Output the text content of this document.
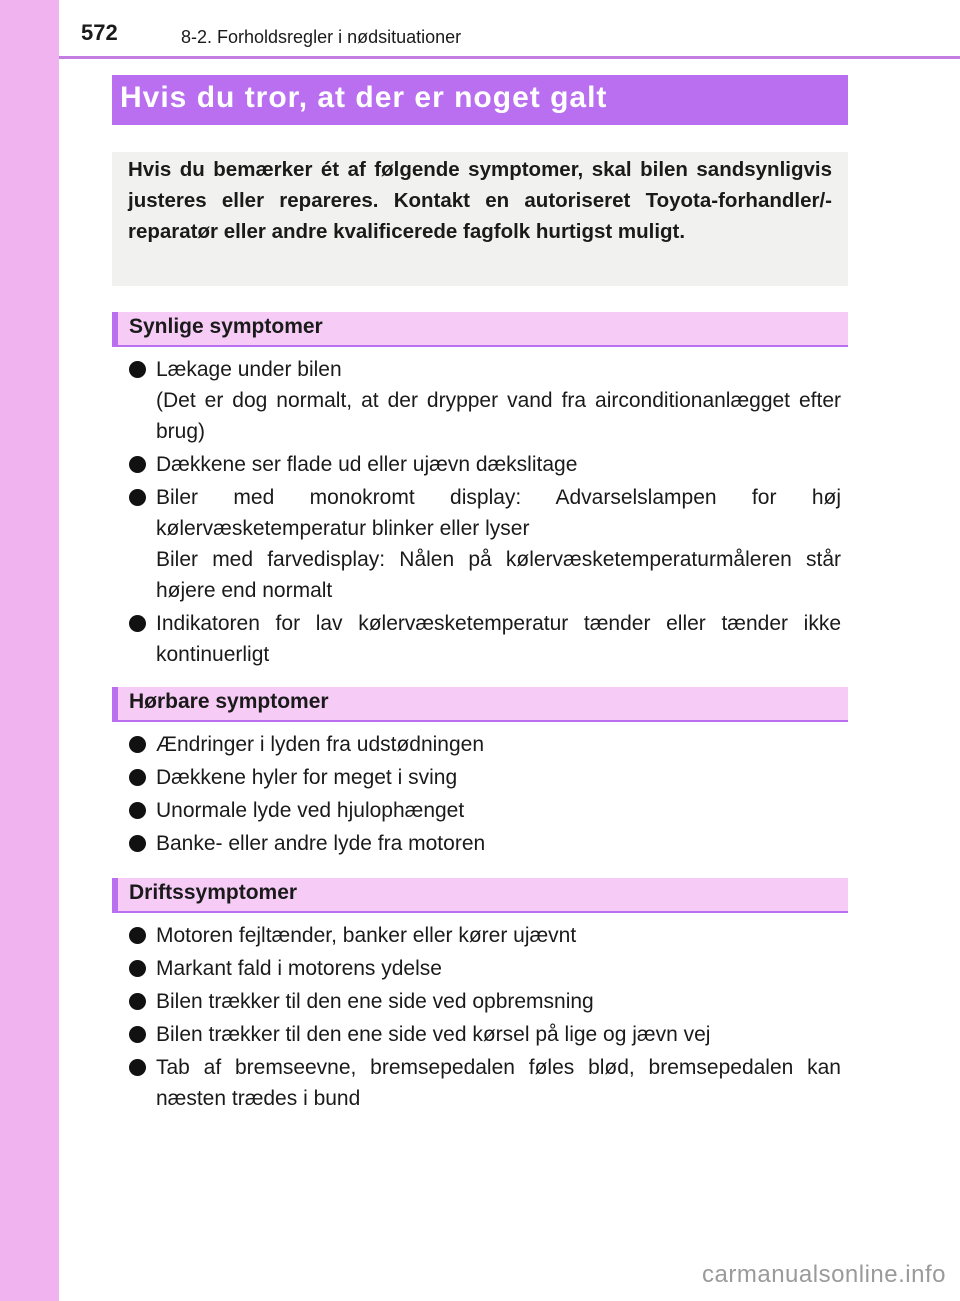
572	8-2. Forholdsregler i nødsituationer
Hvis du tror, at der er noget galt

Hvis du bemærker ét af følgende symptomer, skal bilen sandsynligvis justeres eller repareres. Kontakt en autoriseret Toyota-forhandler/-reparatør eller andre kvalificerede fagfolk hurtigst muligt.

Synlige symptomer
Lækage under bilen
(Det er dog normalt, at der drypper vand fra airconditionanlægget efter brug)
Dækkene ser flade ud eller ujævn dækslitage
Biler med monokromt display: Advarselslampen for høj kølervæsketemperatur blinker eller lyser
Biler med farvedisplay: Nålen på kølervæsketemperaturmåleren står højere end normalt
Indikatoren for lav kølervæsketemperatur tænder eller tænder ikke kontinuerligt
Hørbare symptomer
Ændringer i lyden fra udstødningen
Dækkene hyler for meget i sving
Unormale lyde ved hjulophænget
Banke- eller andre lyde fra motoren
Driftssymptomer
Motoren fejltænder, banker eller kører ujævnt
Markant fald i motorens ydelse
Bilen trækker til den ene side ved opbremsning
Bilen trækker til den ene side ved kørsel på lige og jævn vej
Tab af bremseevne, bremsepedalen føles blød, bremsepedalen kan næsten trædes i bund
carmanualsonline.info
